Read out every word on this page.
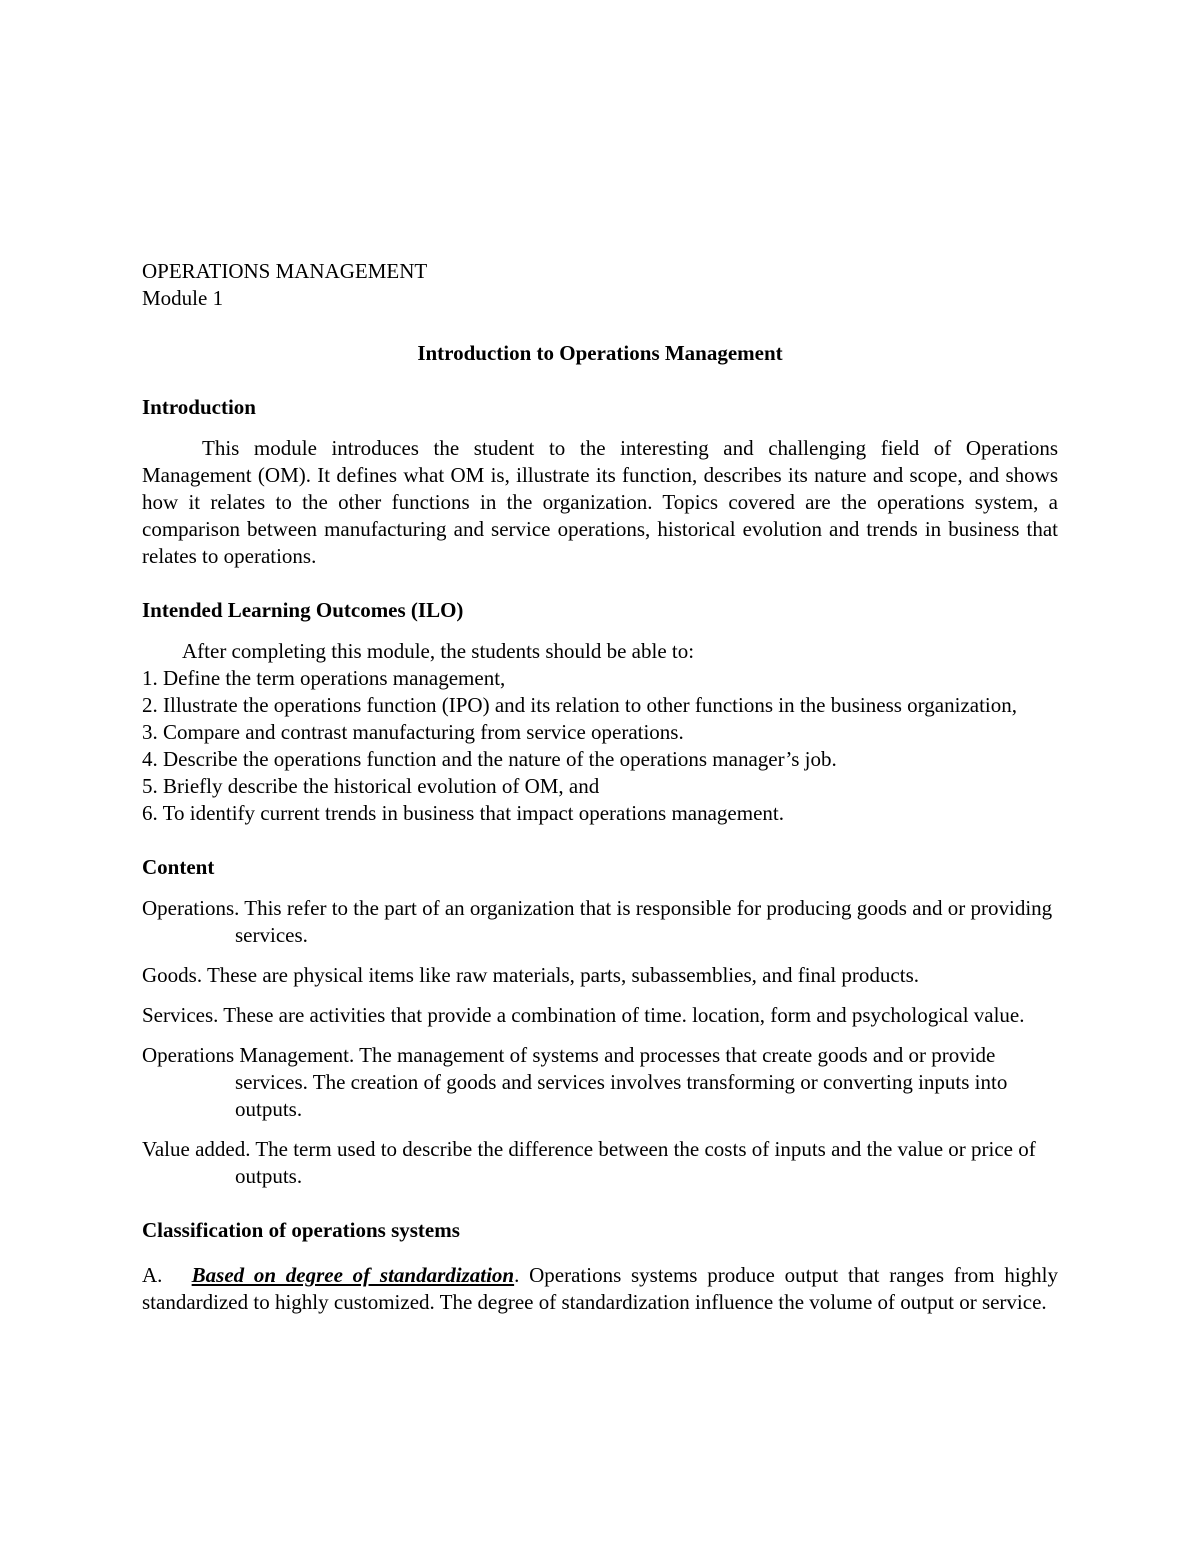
OPERATIONS MANAGEMENT

Module 1

Introduction to Operations Management

Introduction

This module introduces the student to the interesting and challenging field of Operations Management (OM). It defines what OM is, illustrate its function, describes its nature and scope, and shows how it relates to the other functions in the organization. Topics covered are the operations system, a comparison between manufacturing and service operations, historical evolution and trends in business that relates to operations.

Intended Learning Outcomes (ILO)

After completing this module, the students should be able to:

1. Define the term operations management,
2. Illustrate the operations function (IPO) and its relation to other functions in the business organization,
3. Compare and contrast manufacturing from service operations.
4. Describe the operations function and the nature of the operations manager’s job.
5. Briefly describe the historical evolution of OM, and
6. To identify current trends in business that impact operations management.

Content

Operations. This refer to the part of an organization that is responsible for producing goods and or providing services.

Goods. These are physical items like raw materials, parts, subassemblies, and final products.

Services. These are activities that provide a combination of time. location, form and psychological value.

Operations Management. The management of systems and processes that create goods and or provide services. The creation of goods and services involves transforming or converting inputs into outputs.

Value added. The term used to describe the difference between the costs of inputs and the value or price of outputs.

Classification of operations systems

A. Based on degree of standardization. Operations systems produce output that ranges from highly standardized to highly customized. The degree of standardization influence the volume of output or service.
